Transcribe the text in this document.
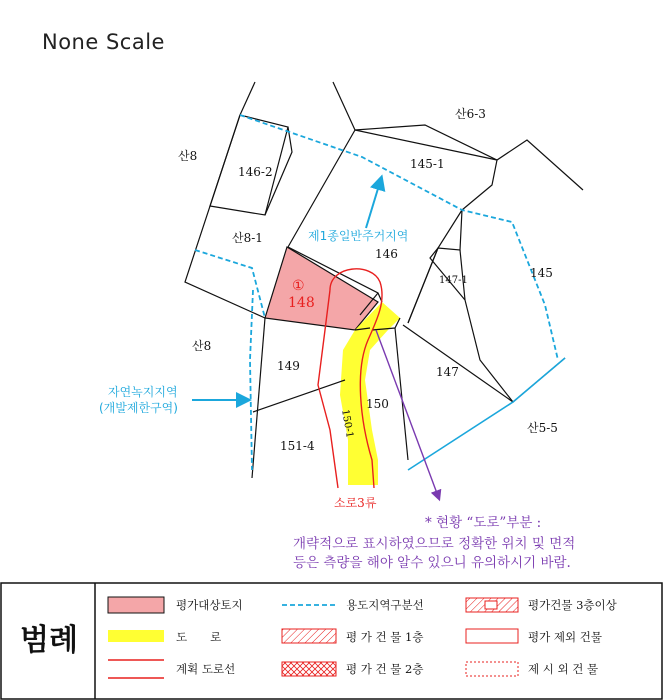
None Scale
산8
146-2
산6-3
145-1
산8-1
146
145
147-1
산8
149	147
150
150-1
151-4
산5-5
①
148
제1종일반주거지역
자연녹지지역
(개발제한구역)
소로3류
* 현황 “도로”부분 :
개략적으로 표시하였으므로 정확한 위치 및 면적
등은 측량을 해야 알수 있으니 유의하시기 바람.
범례
평가대상토지
도　　로
계획 도로선
용도지역구분선
평 가 건 물 1층
평 가 건 물 2층
평가건물 3층이상
평가 제외 건물
제 시 외 건 물
